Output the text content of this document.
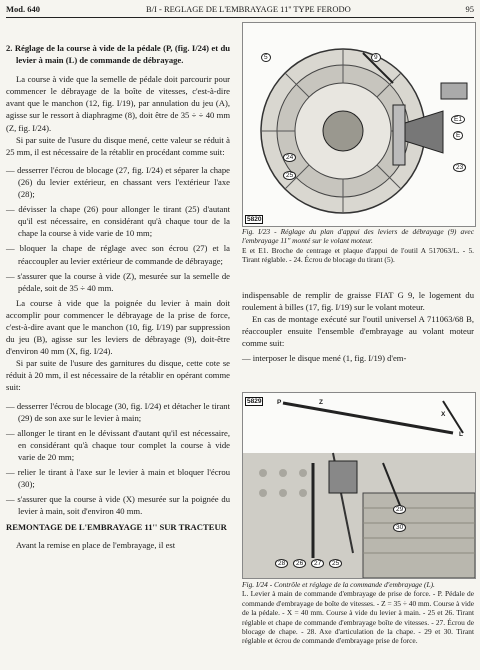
Mod. 640	B/I - REGLAGE DE L'EMBRAYAGE 11'' TYPE FERODO	95

2. Réglage de la course à vide de la pédale (P, (fig. I/24) et du levier à main (L) de commande de débrayage.

La course à vide que la semelle de pédale doit parcourir pour commencer le débrayage de la boîte de vitesses, c'est-à-dire avant que le manchon (12, fig. I/19), par annulation du jeu (A), agisse sur le ressort à diaphragme (8), doit être de 35 ÷ ÷ 40 mm (Z, fig. I/24).

Si par suite de l'usure du disque mené, cette valeur se réduit à 25 mm, il est nécessaire de la rétablir en procédant comme suit:

— desserrer l'écrou de blocage (27, fig. I/24) et séparer la chape (26) du levier extérieur, en chassant vers l'extérieur l'axe (28);

— dévisser la chape (26) pour allonger le tirant (25) d'autant qu'il est nécessaire, en considérant qu'à chaque tour de la chape la course à vide varie de 10 mm;

— bloquer la chape de réglage avec son écrou (27) et la réaccoupler au levier extérieur de commande de débrayage;

— s'assurer que la course à vide (Z), mesurée sur la semelle de pédale, soit de 35 ÷ 40 mm.

La course à vide que la poignée du levier à main doit accomplir pour commencer le débrayage de la prise de force, c'est-à-dire avant que le manchon (10, fig. I/19) par suppression du jeu (B), agisse sur les leviers de débrayage (9), doit-être d'environ 40 mm (X, fig. I/24).

Si par suite de l'usure des garnitures du disque, cette cote se réduit à 20 mm, il est nécessaire de la rétablir en opérant comme suit:

— desserrer l'écrou de blocage (30, fig. I/24) et détacher le tirant (29) de son axe sur le levier à main;

— allonger le tirant en le dévissant d'autant qu'il est nécessaire, en considérant qu'à chaque tour complet la course à vide varie de 20 mm;

— relier le tirant à l'axe sur le levier à main et bloquer l'écrou (30);

— s'assurer que la course à vide (X) mesurée sur la poignée du levier à main, soit d'environ 40 mm.

REMONTAGE DE L'EMBRAYAGE 11'' SUR TRACTEUR

Avant la remise en place de l'embrayage, il est

5	9
24
25
E1
E
23
5820

Fig. I/23 - Réglage du plan d'appui des leviers de débrayage (9) avec l'embrayage 11'' monté sur le volant moteur.

E et E1. Broche de centrage et plaque d'appui de l'outil A 517063/L. - 5. Tirant réglable. - 24. Écrou de blocage du tirant (5).

indispensable de remplir de graisse FIAT G 9, le logement du roulement à billes (17, fig. I/19) sur le volant moteur.

En cas de montage exécuté sur l'outil universel A 711063/68 B, réaccoupler ensuite l'ensemble d'embrayage au volant moteur comme suit:

— interposer le disque mené (1, fig. I/19) d'em-

X
L
P	Z
28	26	27	25
29
30
5829

Fig. I/24 - Contrôle et réglage de la commande d'embrayage (L).

L. Levier à main de commande d'embrayage de prise de force. - P. Pédale de commande d'embrayage de boîte de vitesses. - Z = 35 ÷ 40 mm. Course à vide de la pédale. - X = 40 mm. Course à vide du levier à main. - 25 et 26. Tirant réglable et chape de commande d'embrayage boîte de vitesses. - 27. Écrou de blocage de chape. - 28. Axe d'articulation de la chape. - 29 et 30. Tirant réglable et écrou de commande d'embrayage prise de force.
